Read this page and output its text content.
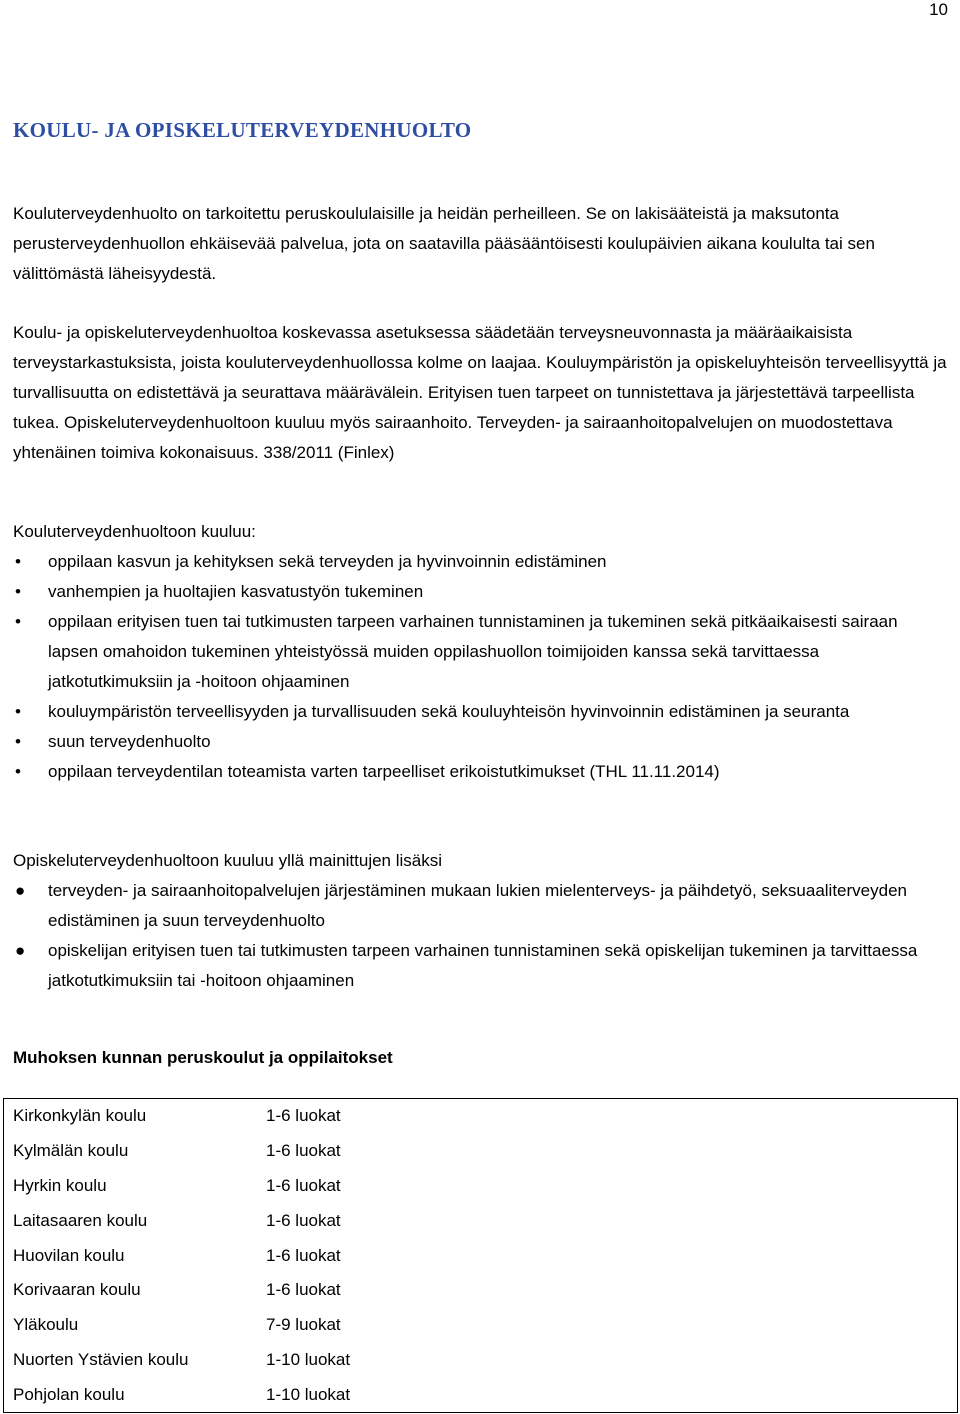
10
KOULU- JA OPISKELUTERVEYDENHUOLTO

Kouluterveydenhuolto on tarkoitettu peruskoululaisille ja heidän perheilleen. Se on lakisääteistä ja maksutonta perusterveydenhuollon ehkäisevää palvelua, jota on saatavilla pääsääntöisesti koulupäivien aikana koululta tai sen välittömästä läheisyydestä.

Koulu- ja opiskeluterveydenhuoltoa koskevassa asetuksessa säädetään terveysneuvonnasta ja määräaikaisista terveystarkastuksista, joista kouluterveydenhuollossa kolme on laajaa. Kouluympäristön ja opiskeluyhteisön terveellisyyttä ja turvallisuutta on edistettävä ja seurattava määrävälein. Erityisen tuen tarpeet on tunnistettava ja järjestettävä tarpeellista tukea. Opiskeluterveydenhuoltoon kuuluu myös sairaanhoito. Terveyden- ja sairaanhoitopalvelujen on muodostettava yhtenäinen toimiva kokonaisuus. 338/2011 (Finlex)

Kouluterveydenhuoltoon kuuluu:
• oppilaan kasvun ja kehityksen sekä terveyden ja hyvinvoinnin edistäminen
• vanhempien ja huoltajien kasvatustyön tukeminen
• oppilaan erityisen tuen tai tutkimusten tarpeen varhainen tunnistaminen ja tukeminen sekä pitkäaikaisesti sairaan lapsen omahoidon tukeminen yhteistyössä muiden oppilashuollon toimijoiden kanssa sekä tarvittaessa jatkotutkimuksiin ja -hoitoon ohjaaminen
• kouluympäristön terveellisyyden ja turvallisuuden sekä kouluyhteisön hyvinvoinnin edistäminen ja seuranta
• suun terveydenhuolto
• oppilaan terveydentilan toteamista varten tarpeelliset erikoistutkimukset (THL 11.11.2014)
Opiskeluterveydenhuoltoon kuuluu yllä mainittujen lisäksi
● terveyden- ja sairaanhoitopalvelujen järjestäminen mukaan lukien mielenterveys- ja päihdetyö, seksuaaliterveyden edistäminen ja suun terveydenhuolto
● opiskelijan erityisen tuen tai tutkimusten tarpeen varhainen tunnistaminen sekä opiskelijan tukeminen ja tarvittaessa jatkotutkimuksiin tai -hoitoon ohjaaminen
Muhoksen kunnan peruskoulut ja oppilaitokset
Kirkonkylän koulu	1-6 luokat
Kylmälän koulu	1-6 luokat
Hyrkin koulu	1-6 luokat
Laitasaaren koulu	1-6 luokat
Huovilan koulu	1-6 luokat
Korivaaran koulu	1-6 luokat
Yläkoulu	7-9 luokat
Nuorten Ystävien koulu	1-10 luokat
Pohjolan koulu	1-10 luokat
